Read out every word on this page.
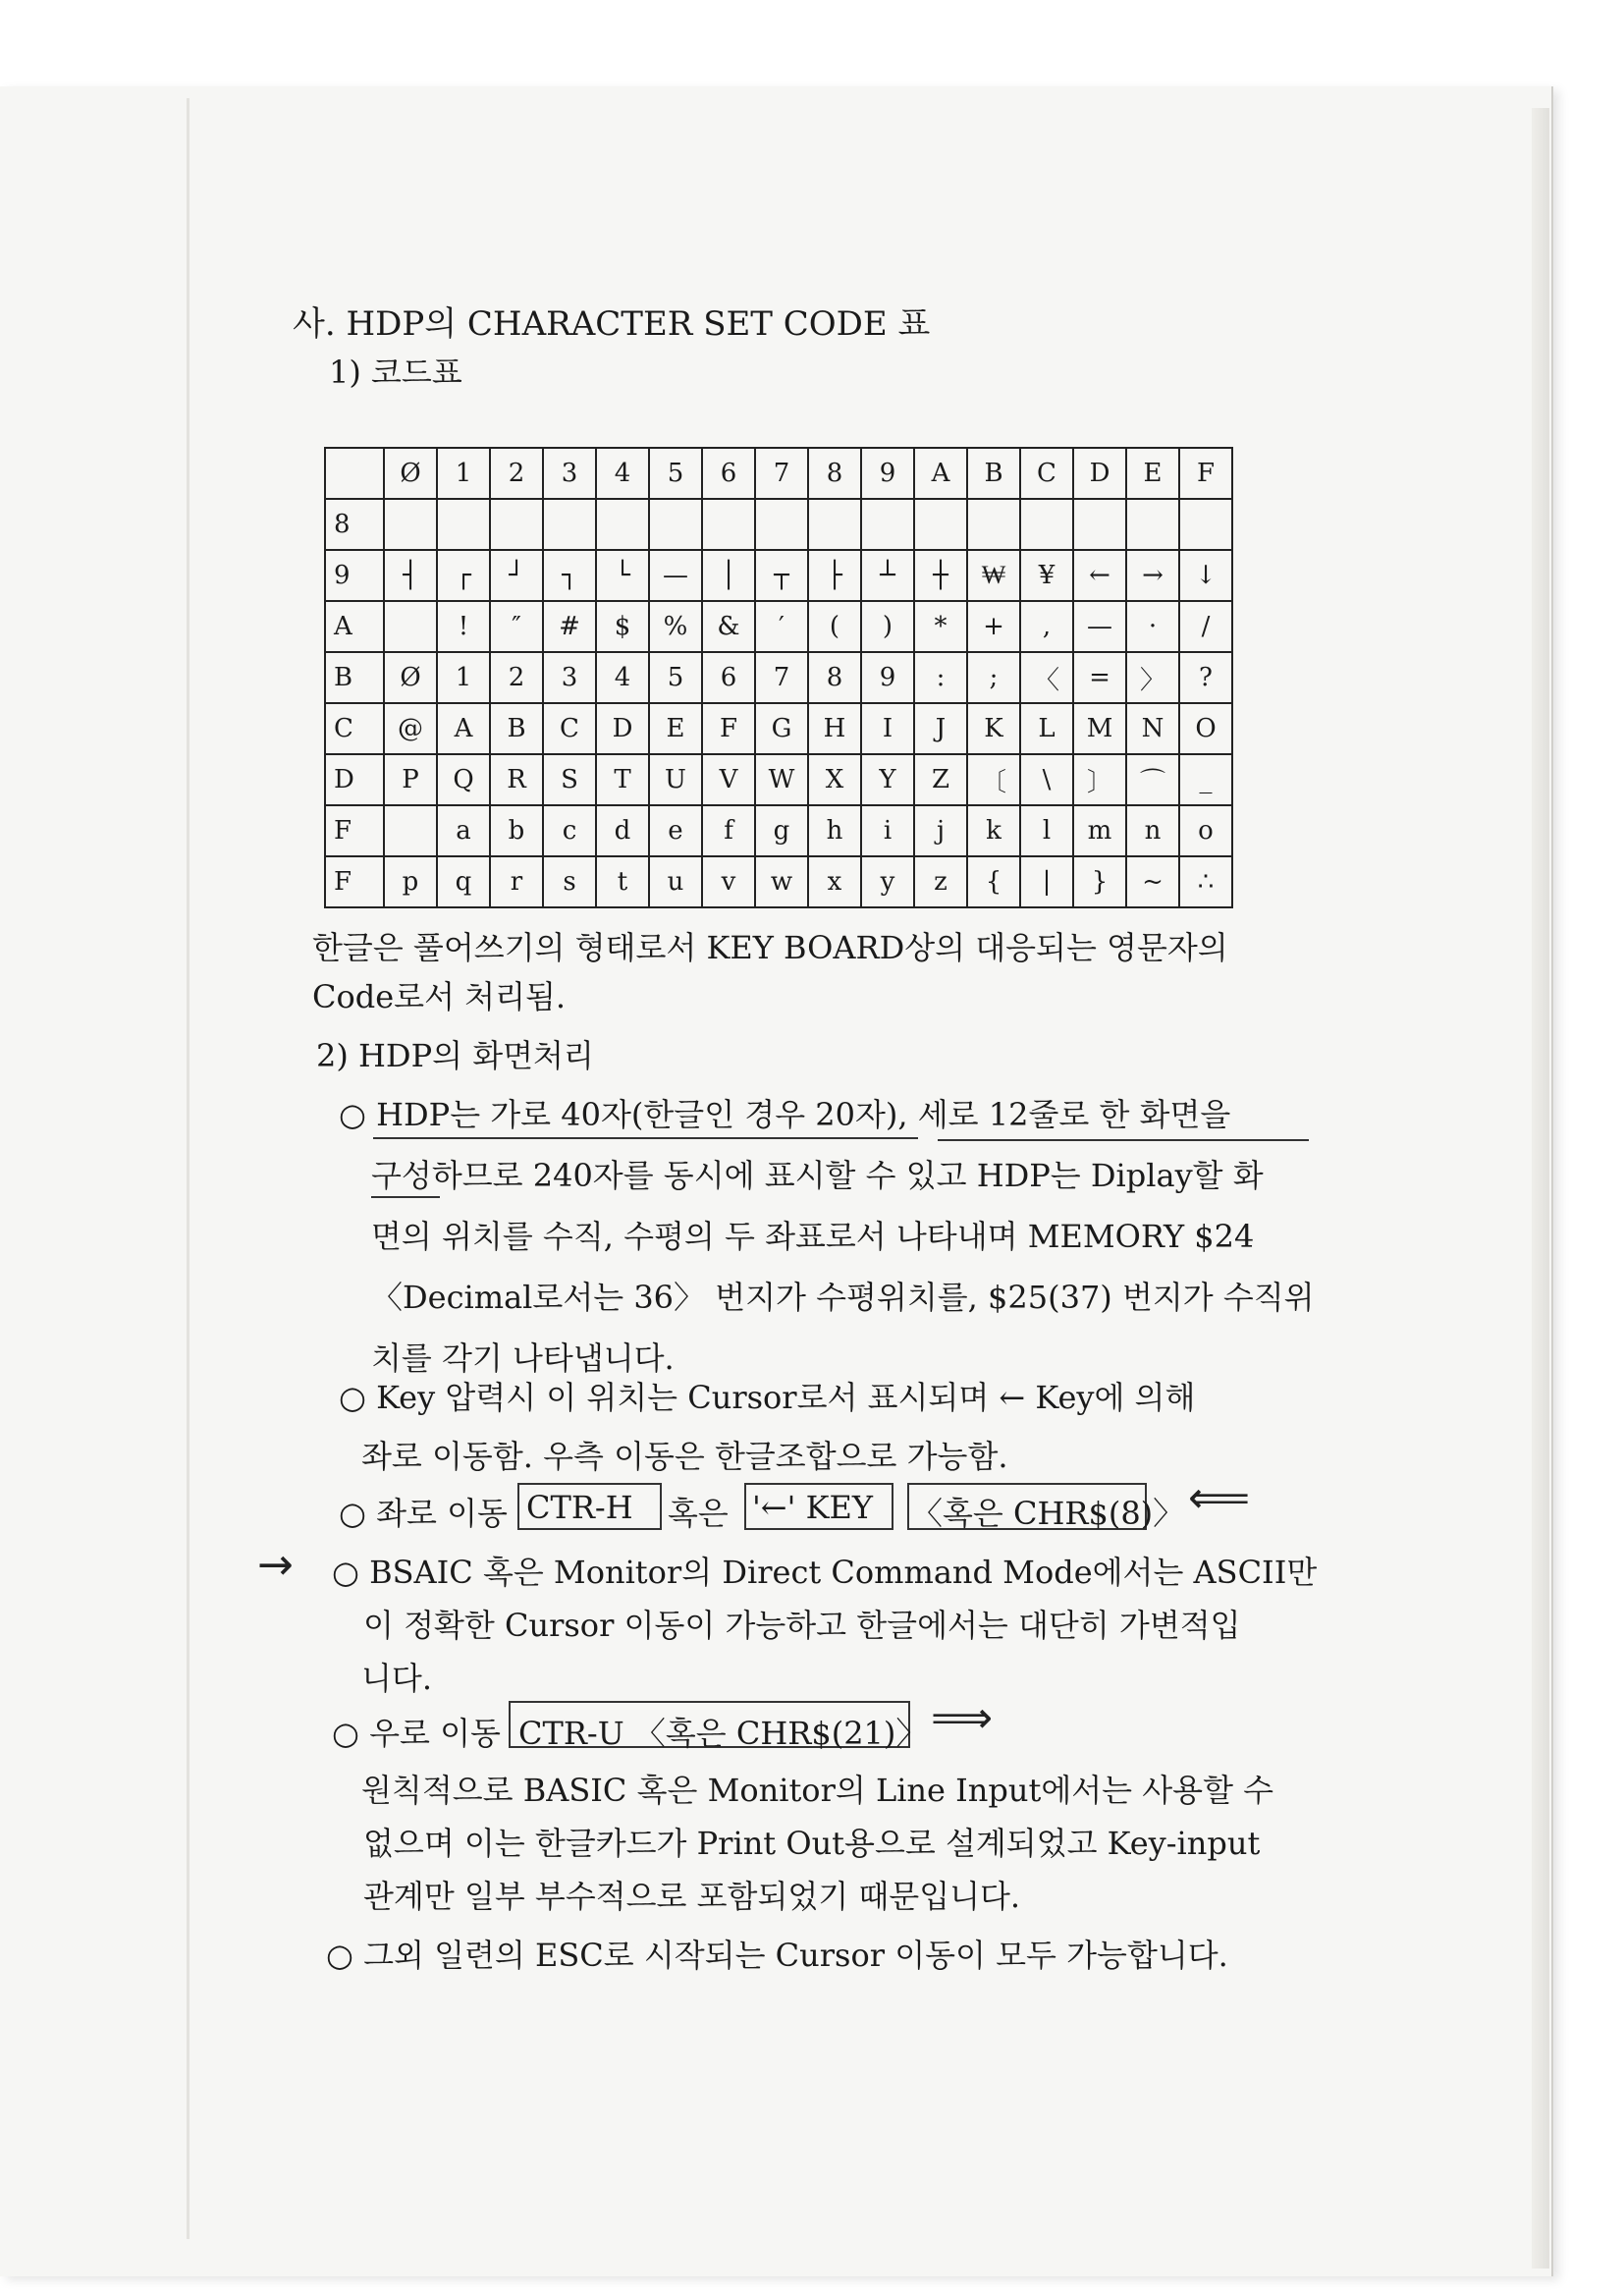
사. HDP의 CHARACTER SET CODE 표
1) 코드표
	Ø	1	2	3	4	5	6	7	8	9	A	B	C	D	E	F
8																
9	┤	┌	┘	┐	└	—	│	┬	├	┴	┼	₩	¥	←	→	↓
A		!	″	#	$	%	&	′	(	)	*	+	,	—	·	/
B	Ø	1	2	3	4	5	6	7	8	9	:	;	〈	=	〉	?
C	@	A	B	C	D	E	F	G	H	I	J	K	L	M	N	O
D	P	Q	R	S	T	U	V	W	X	Y	Z	〔	\	〕	⌒	_
F		a	b	c	d	e	f	g	h	i	j	k	l	m	n	o
F	p	q	r	s	t	u	v	w	x	y	z	{	|	}	~	∴
한글은 풀어쓰기의 형태로서 KEY BOARD상의 대응되는 영문자의
Code로서 처리됨.
2) HDP의 화면처리
○ HDP는 가로 40자(한글인 경우 20자), 세로 12줄로 한 화면을
구성하므로 240자를 동시에 표시할 수 있고 HDP는 Diplay할 화
면의 위치를 수직, 수평의 두 좌표로서 나타내며 MEMORY $24
〈Decimal로서는 36〉 번지가 수평위치를, $25(37) 번지가 수직위
치를 각기 나타냅니다.
○ Key 압력시 이 위치는 Cursor로서 표시되며 ← Key에 의해
좌로 이동함. 우측 이동은 한글조합으로 가능함.
○ 좌로 이동 CTR-H 혹은 '←' KEY 〈혹은 CHR$(8)〉 ⟸
→ ○ BSAIC 혹은 Monitor의 Direct Command Mode에서는 ASCII만
이 정확한 Cursor 이동이 가능하고 한글에서는 대단히 가변적입
니다.
○ 우로 이동 CTR-U 〈혹은 CHR$(21)〉 ⟹
원칙적으로 BASIC 혹은 Monitor의 Line Input에서는 사용할 수
없으며 이는 한글카드가 Print Out용으로 설계되었고 Key-input
관계만 일부 부수적으로 포함되었기 때문입니다.
○ 그외 일련의 ESC로 시작되는 Cursor 이동이 모두 가능합니다.
